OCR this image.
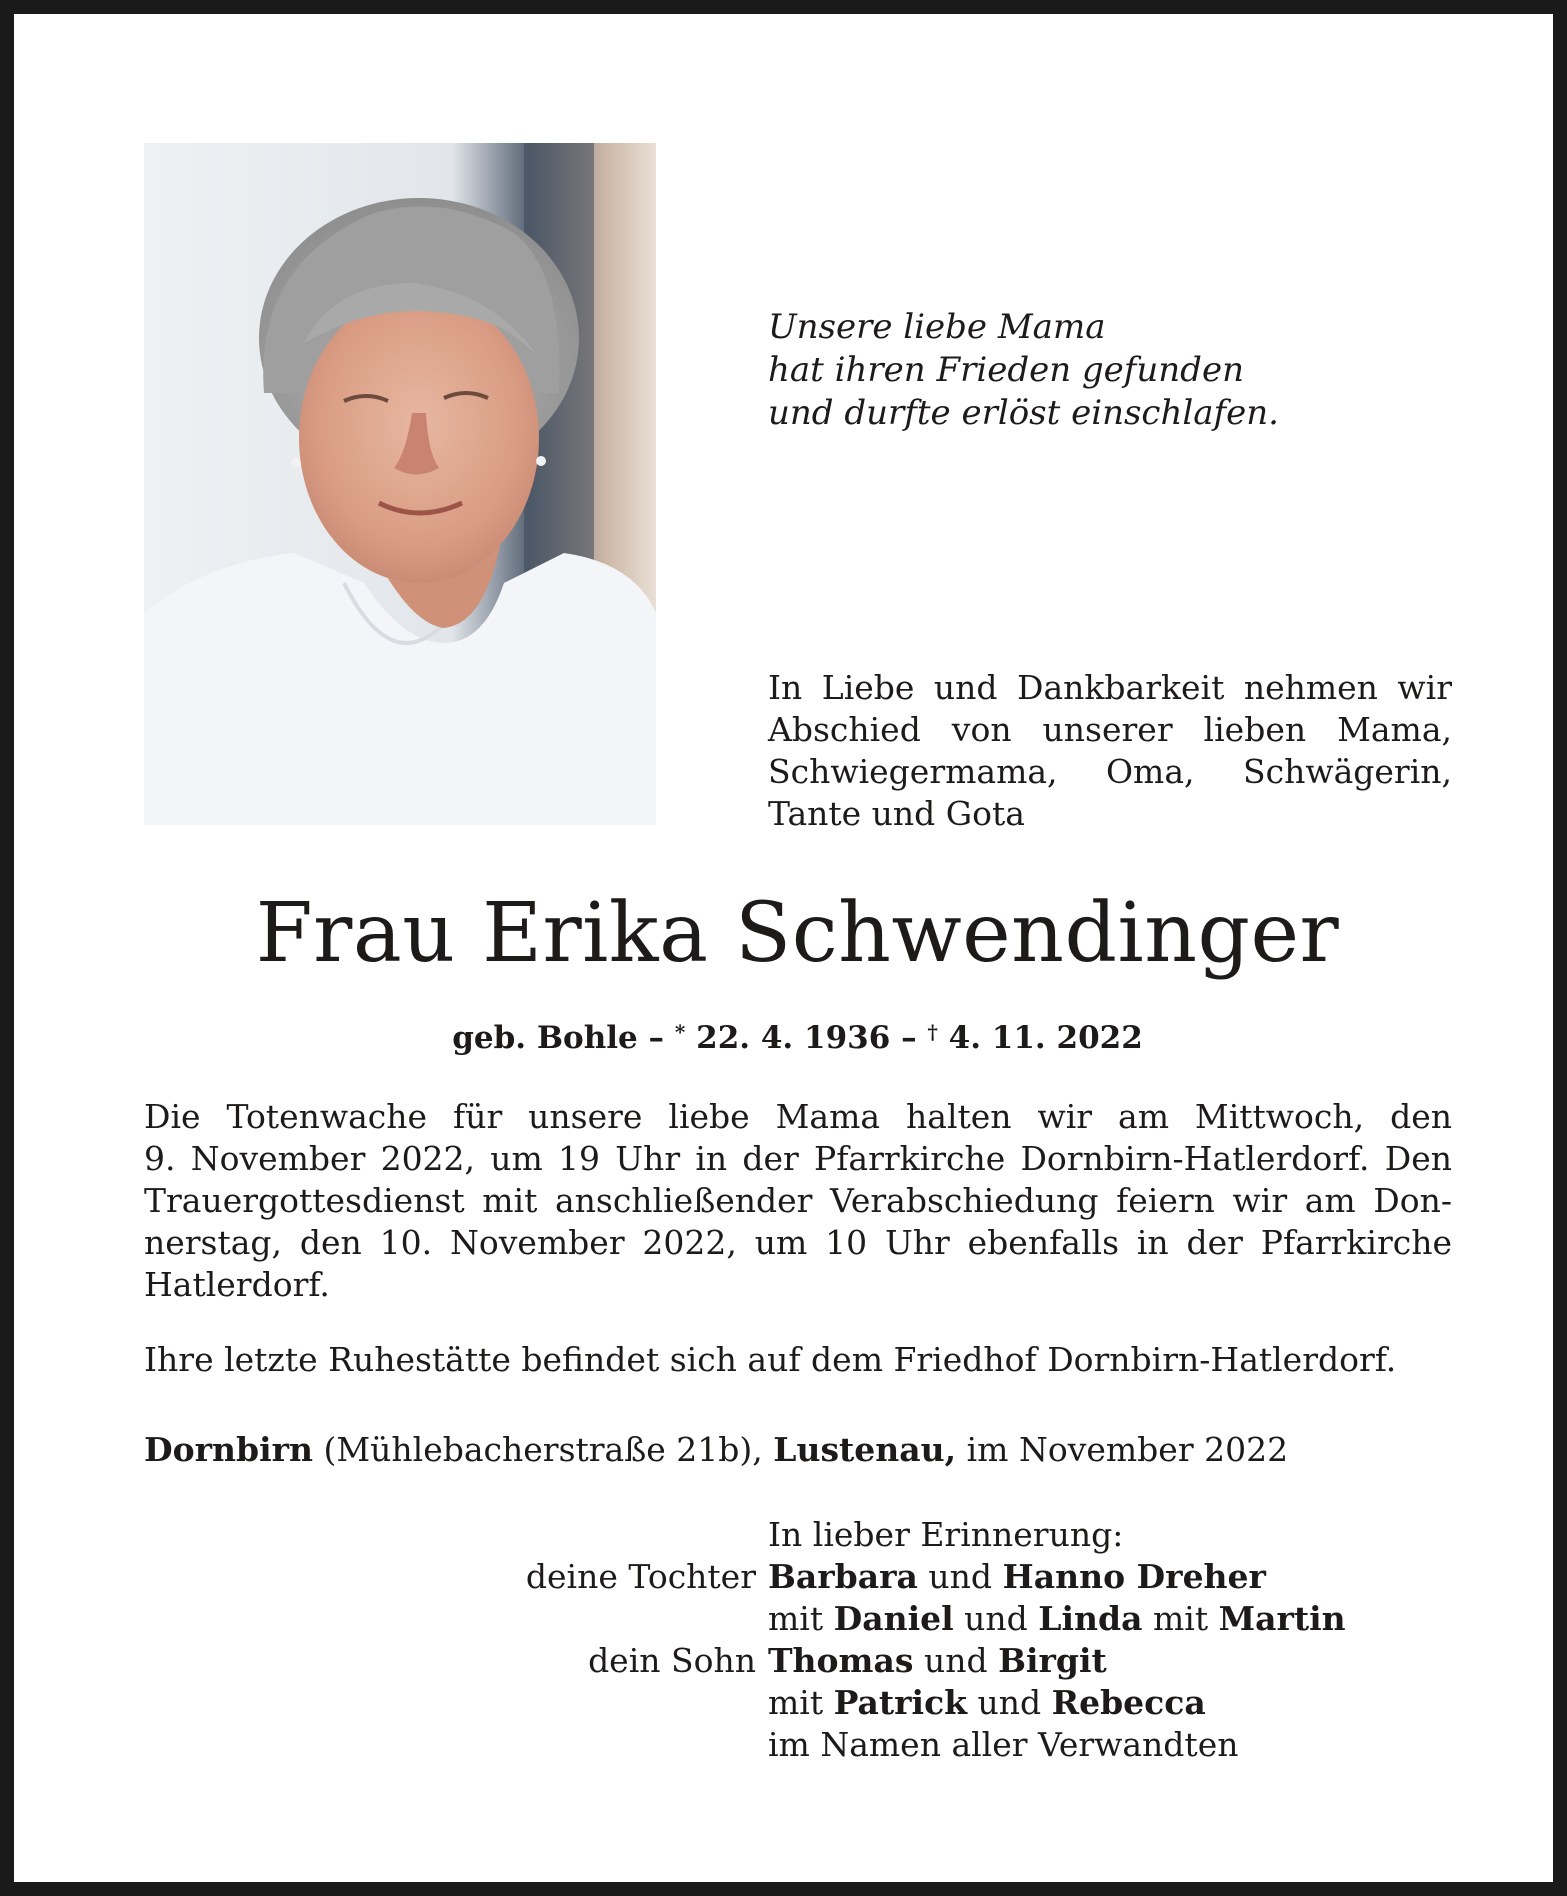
Unsere liebe Mama
hat ihren Frieden gefunden
und durfte erlöst einschlafen.
In Liebe und Dankbarkeit nehmen wir
Abschied von unserer lieben Mama,
Schwiegermama, Oma, Schwägerin,
Tante und Gota
Frau Erika Schwendinger
geb. Bohle – * 22. 4. 1936 – † 4. 11. 2022
Die Totenwache für unsere liebe Mama halten wir am Mittwoch, den
9. November 2022, um 19 Uhr in der Pfarrkirche Dornbirn-Hatlerdorf. Den
Trauergottesdienst mit anschließender Verabschiedung feiern wir am Don-
nerstag, den 10. November 2022, um 10 Uhr ebenfalls in der Pfarrkirche
Hatlerdorf.
Ihre letzte Ruhestätte befindet sich auf dem Friedhof Dornbirn-Hatlerdorf.
Dornbirn (Mühlebacherstraße 21b), Lustenau, im November 2022
In lieber Erinnerung:
deine Tochter Barbara und Hanno Dreher
mit Daniel und Linda mit Martin
dein Sohn Thomas und Birgit
mit Patrick und Rebecca
im Namen aller Verwandten
